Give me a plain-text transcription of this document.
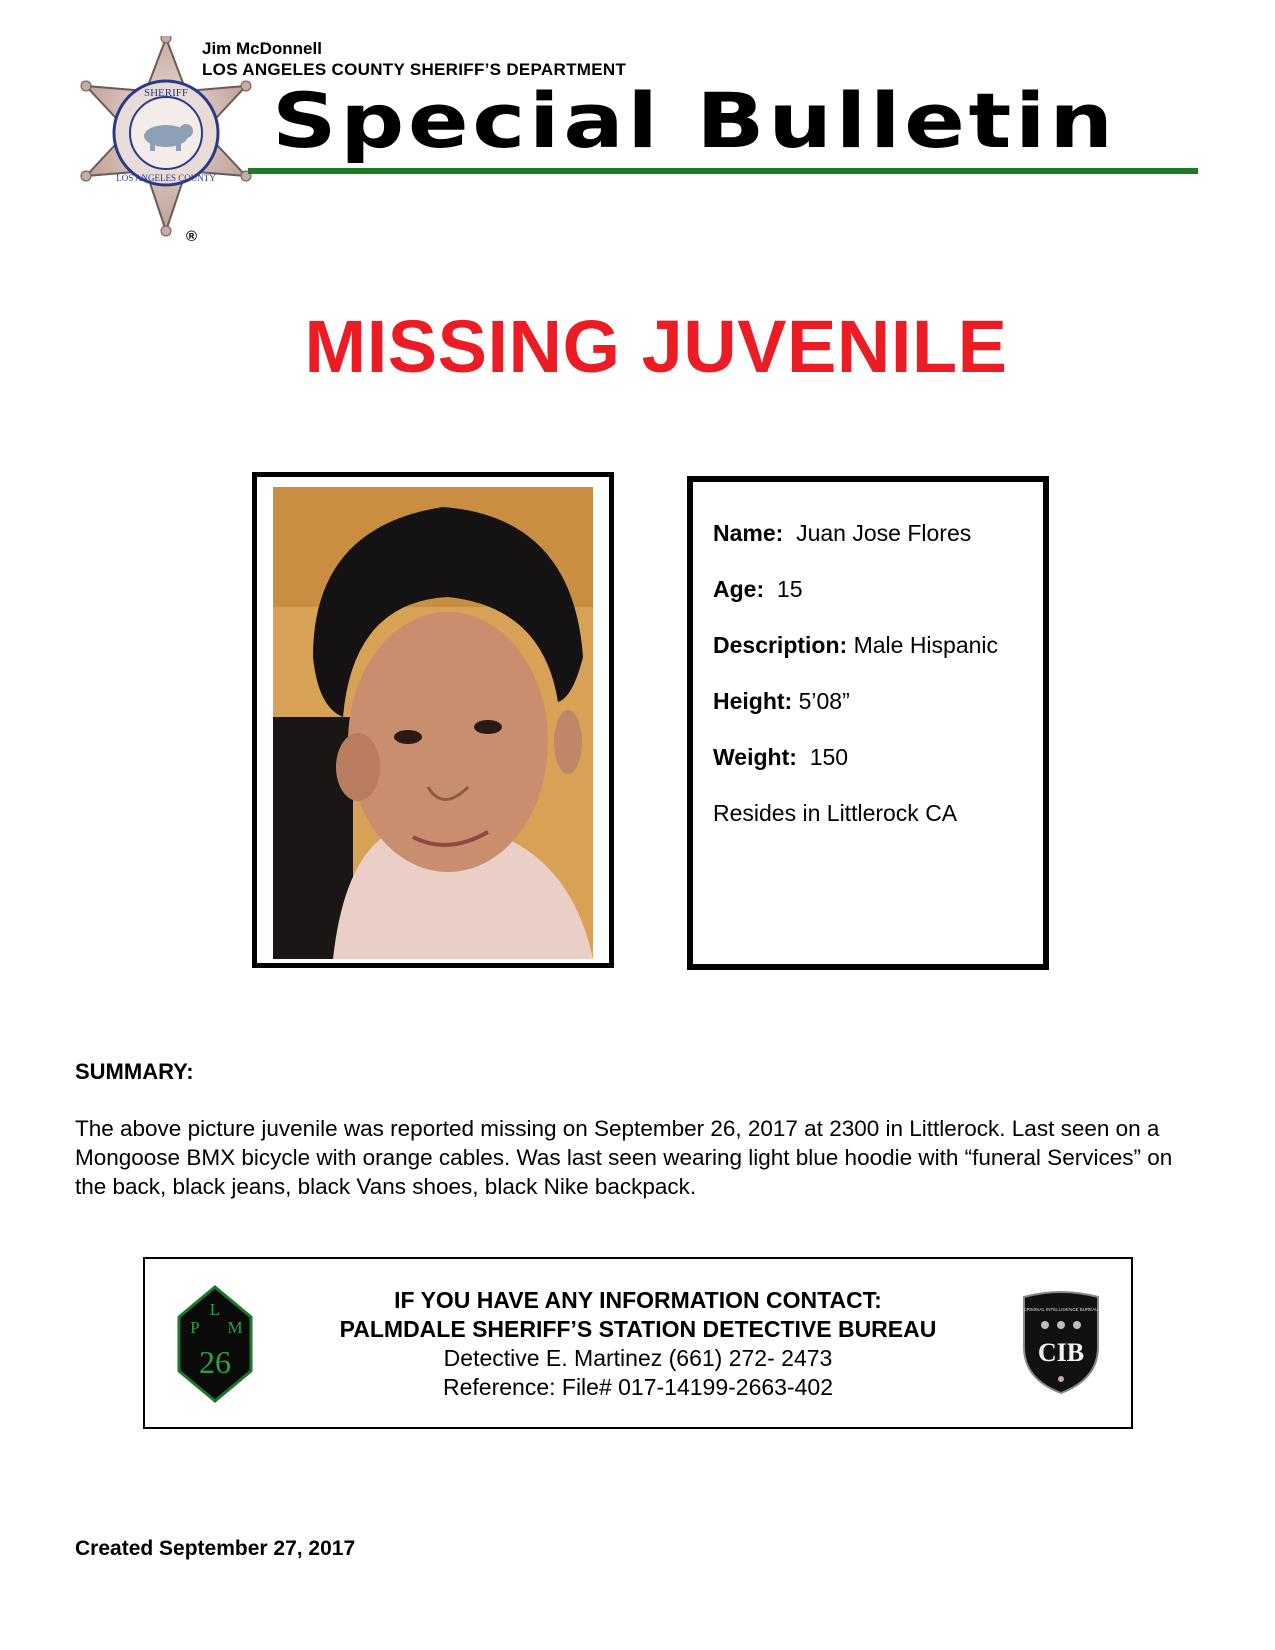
SHERIFF
LOS ANGELES COUNTY
Jim McDonnell
LOS ANGELES COUNTY SHERIFF’S DEPARTMENT
Special Bulletin
®
MISSING JUVENILE
Name: Juan Jose Flores
Age: 15
Description: Male Hispanic
Height: 5’08”
Weight: 150
Resides in Littlerock CA
SUMMARY:
The above picture juvenile was reported missing on September 26, 2017 at 2300 in Littlerock. Last seen on a Mongoose BMX bicycle with orange cables. Was last seen wearing light blue hoodie with “funeral Services” on the back, black jeans, black Vans shoes, black Nike backpack.
L
P M
26
IF YOU HAVE ANY INFORMATION CONTACT:
PALMDALE SHERIFF’S STATION DETECTIVE BUREAU
Detective E. Martinez (661) 272- 2473
Reference: File# 017-14199-2663-402
CRIMINAL INTELLIGENCE BUREAU
CIB
Created September 27, 2017
